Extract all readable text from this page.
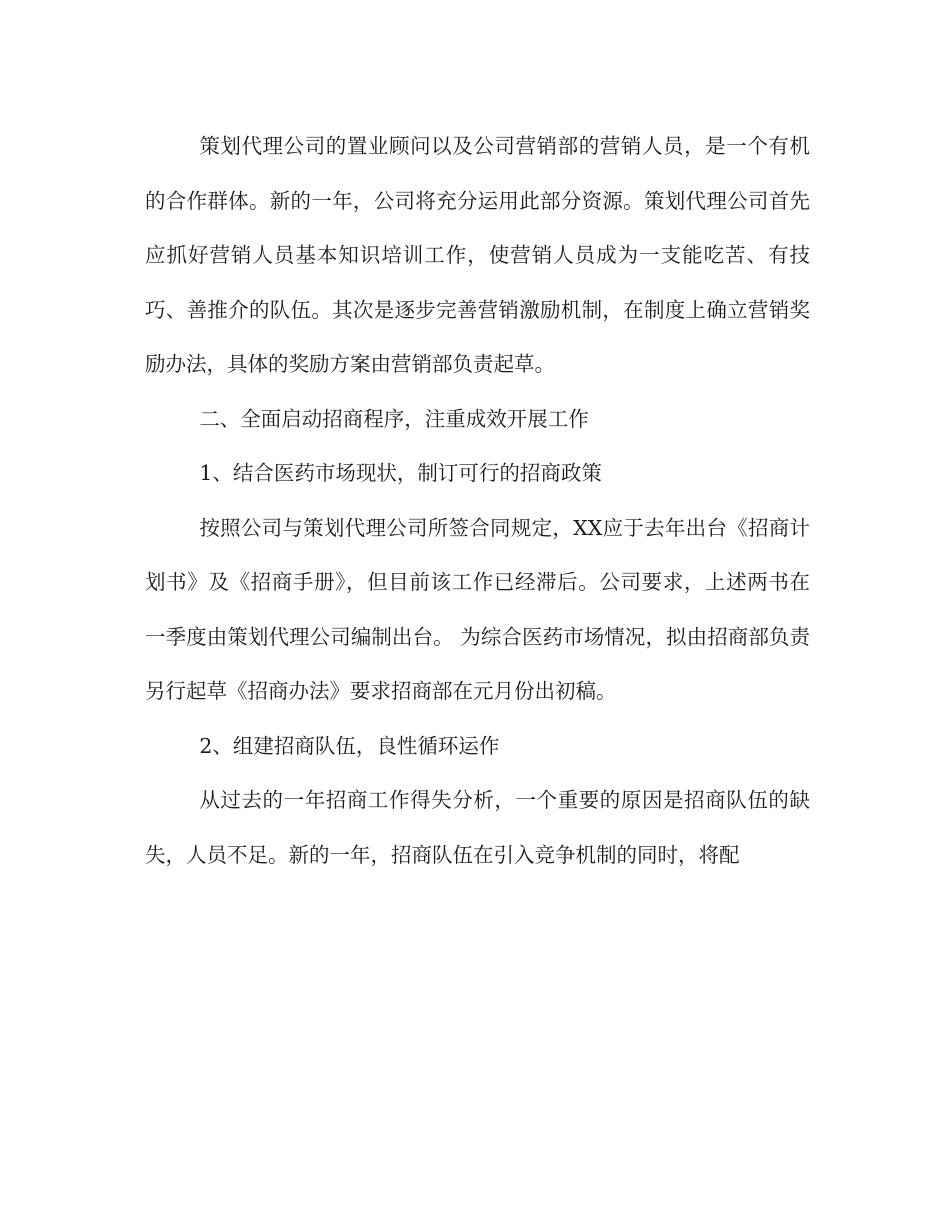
策划代理公司的置业顾问以及公司营销部的营销人员，是一个有机的合作群体。新的一年，公司将充分运用此部分资源。策划代理公司首先应抓好营销人员基本知识培训工作，使营销人员成为一支能吃苦、有技巧、善推介的队伍。其次是逐步完善营销激励机制，在制度上确立营销奖励办法，具体的奖励方案由营销部负责起草。

二、全面启动招商程序，注重成效开展工作

1、结合医药市场现状，制订可行的招商政策

按照公司与策划代理公司所签合同规定，XX应于去年出台《招商计划书》及《招商手册》，但目前该工作已经滞后。公司要求，上述两书在一季度由策划代理公司编制出台。 为综合医药市场情况，拟由招商部负责另行起草《招商办法》要求招商部在元月份出初稿。

2、组建招商队伍，良性循环运作

从过去的一年招商工作得失分析，一个重要的原因是招商队伍的缺失，人员不足。新的一年，招商队伍在引入竞争机制的同时，将配
